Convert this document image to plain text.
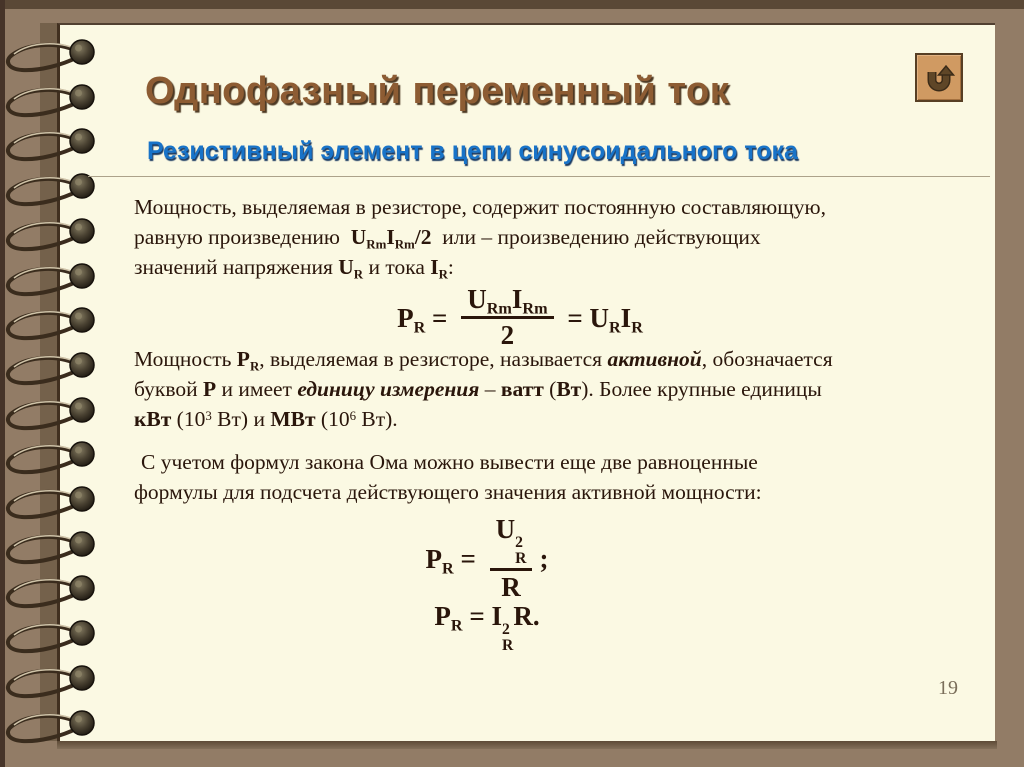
Однофазный переменный ток
Резистивный элемент в цепи синусоидального тока
Мощность, выделяемая в резисторе, содержит постоянную составляющую,
равную произведению  $U_{Rm}I_{Rm}/2$  или – произведению действующих
значений напряжения $U_R$ и тока $I_R$:
$P_R = \frac{U_{Rm}I_{Rm}}{2} = U_RI_R$
Мощность $P_R$, выделяемая в резисторе, называется активной, обозначается
буквой P и имеет единицу измерения – ватт (Вт). Более крупные единицы
кВт ($10^3$ Вт) и МВт ($10^6$ Вт).
С учетом формул закона Ома можно вывести еще две равноценные
формулы для подсчета действующего значения активной мощности:
$P_R = U$ 2
R
R ;
$P_R = I$ 2
R
R.
19
